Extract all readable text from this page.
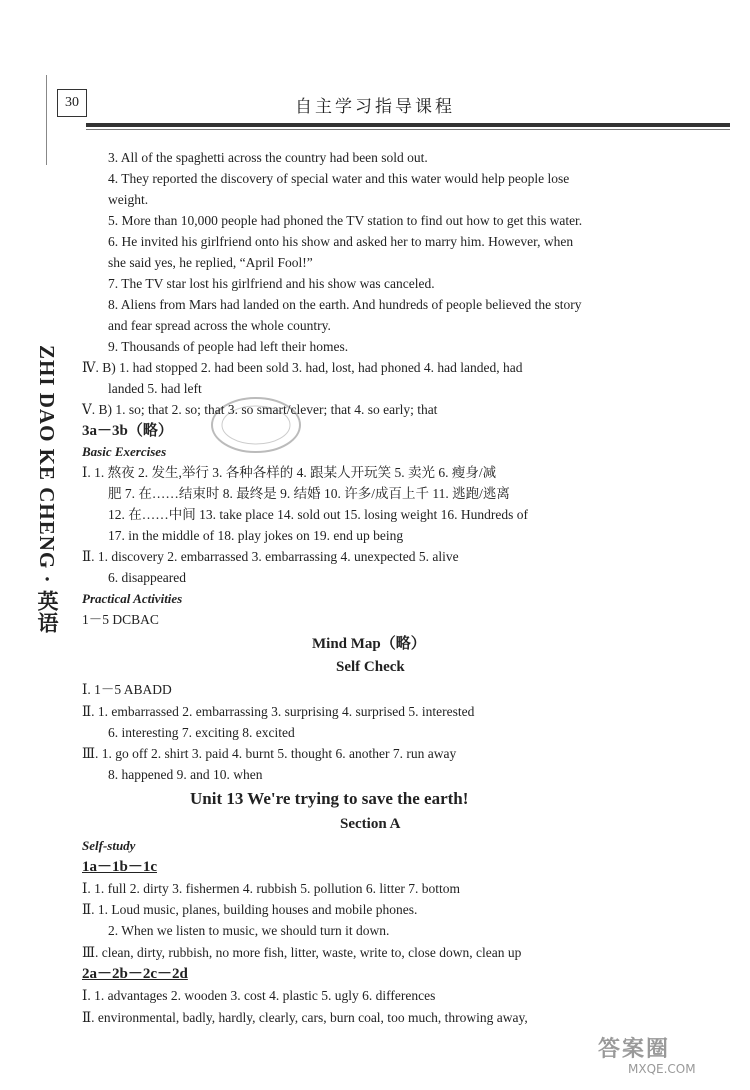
30	自主学习指导课程
ZHI DAO KE CHENG · 英语
3. All of the spaghetti across the country had been sold out.
4. They reported the discovery of special water and this water would help people lose
weight.
5. More than 10,000 people had phoned the TV station to find out how to get this water.
6. He invited his girlfriend onto his show and asked her to marry him. However, when
she said yes, he replied, “April Fool!”
7. The TV star lost his girlfriend and his show was canceled.
8. Aliens from Mars had landed on the earth. And hundreds of people believed the story
and fear spread across the whole country.
9. Thousands of people had left their homes.
Ⅳ. B) 1. had stopped 2. had been sold 3. had, lost, had phoned 4. had landed, had
landed 5. had left
Ⅴ. B) 1. so; that 2. so; that 3. so smart/clever; that 4. so early; that
3a－3b（略）
Basic Exercises
Ⅰ. 1. 熬夜 2. 发生,举行 3. 各种各样的 4. 跟某人开玩笑 5. 卖光 6. 瘦身/减
肥 7. 在……结束时 8. 最终是 9. 结婚 10. 许多/成百上千 11. 逃跑/逃离
12. 在……中间 13. take place 14. sold out 15. losing weight 16. Hundreds of
17. in the middle of 18. play jokes on 19. end up being
Ⅱ. 1. discovery 2. embarrassed 3. embarrassing 4. unexpected 5. alive
6. disappeared
Practical Activities
1－5 DCBAC
Mind Map（略）
Self Check
Ⅰ. 1－5 ABADD
Ⅱ. 1. embarrassed 2. embarrassing 3. surprising 4. surprised 5. interested
6. interesting 7. exciting 8. excited
Ⅲ. 1. go off 2. shirt 3. paid 4. burnt 5. thought 6. another 7. run away
8. happened 9. and 10. when
Unit 13 We're trying to save the earth!
Section A
Self-study
1a－1b－1c
Ⅰ. 1. full 2. dirty 3. fishermen 4. rubbish 5. pollution 6. litter 7. bottom
Ⅱ. 1. Loud music, planes, building houses and mobile phones.
2. When we listen to music, we should turn it down.
Ⅲ. clean, dirty, rubbish, no more fish, litter, waste, write to, close down, clean up
2a－2b－2c－2d
Ⅰ. 1. advantages 2. wooden 3. cost 4. plastic 5. ugly 6. differences
Ⅱ. environmental, badly, hardly, clearly, cars, burn coal, too much, throwing away,
答案圈
MXQE.COM
